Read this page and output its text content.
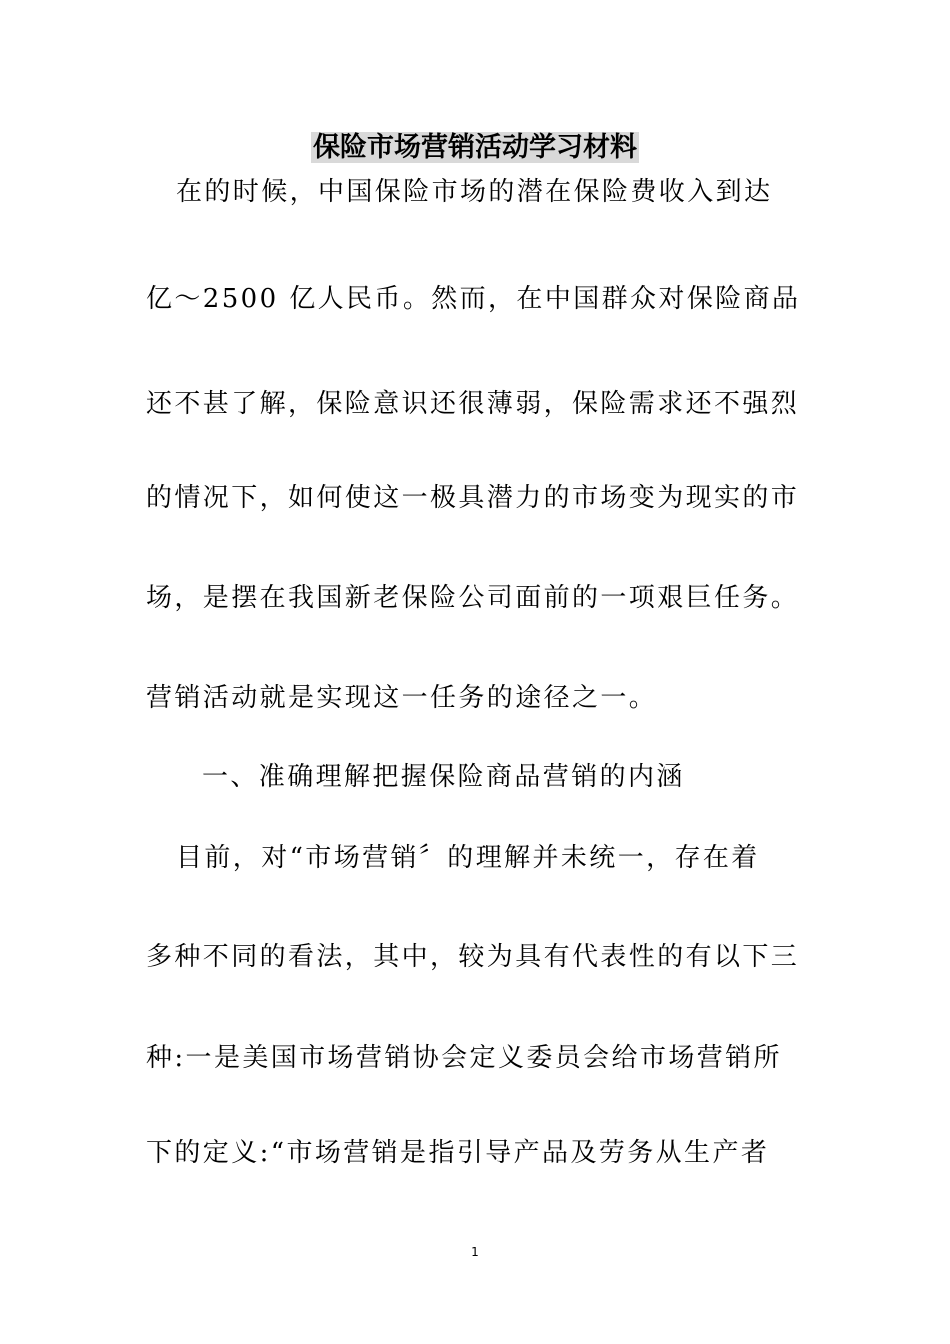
保险市场营销活动学习材料

在的时候，中国保险市场的潜在保险费收入到达

亿～2500 亿人民币。然而，在中国群众对保险商品

还不甚了解，保险意识还很薄弱，保险需求还不强烈

的情况下，如何使这一极具潜力的市场变为现实的市

场，是摆在我国新老保险公司面前的一项艰巨任务。

营销活动就是实现这一任务的途径之一。

一、准确理解把握保险商品营销的内涵

目前，对“市场营销〞的理解并未统一，存在着

多种不同的看法，其中，较为具有代表性的有以下三

种:一是美国市场营销协会定义委员会给市场营销所

下的定义:“市场营销是指引导产品及劳务从生产者

1
